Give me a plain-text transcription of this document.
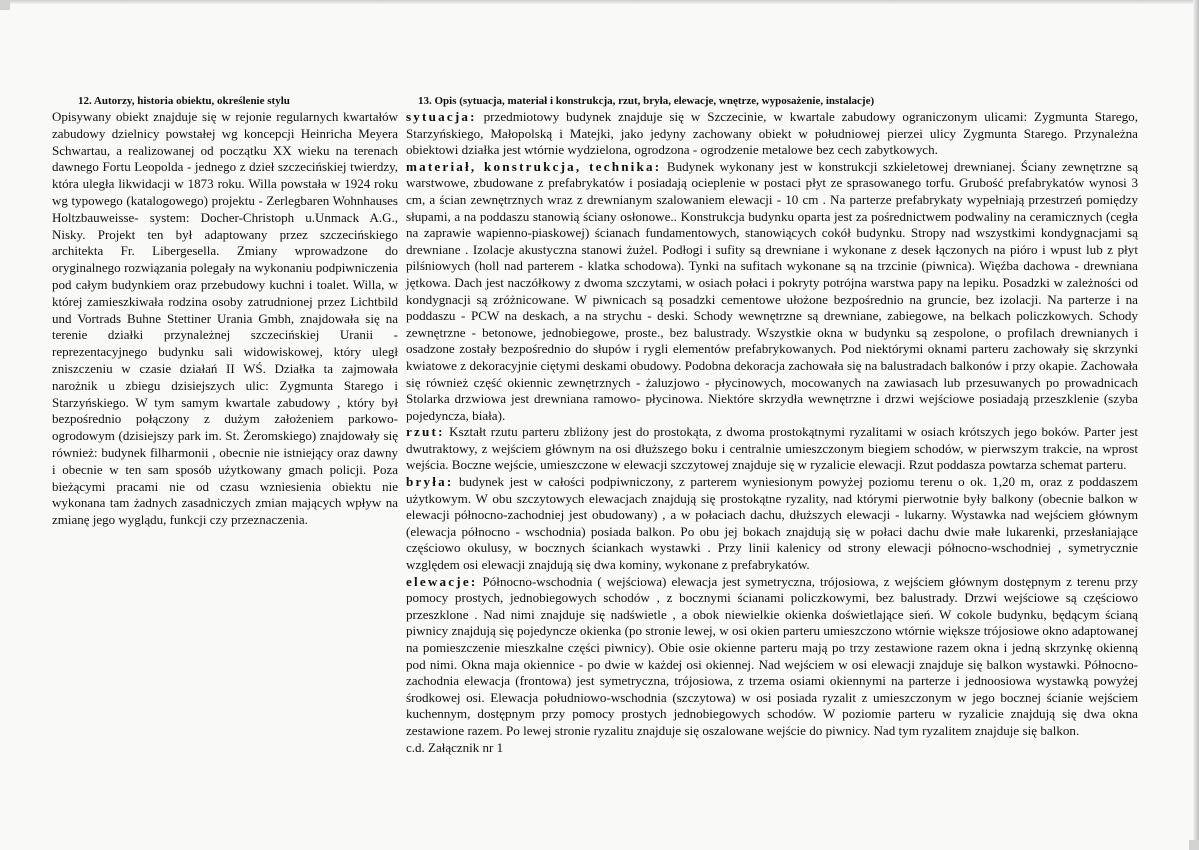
12. Autorzy, historia obiektu, określenie stylu

Opisywany obiekt znajduje się w rejonie regularnych kwartałów zabudowy dzielnicy powstałej wg koncepcji Heinricha Meyera Schwartau, a realizowanej od początku XX wieku na terenach dawnego Fortu Leopolda - jednego z dzieł szczecińskiej twierdzy, która uległa likwidacji w 1873 roku. Willa powstała w 1924 roku wg typowego (katalogowego) projektu - Zerlegbaren Wohnhauses Holtzbauweisse- system: Docher-Christoph u.Unmack A.G., Nisky. Projekt ten był adaptowany przez szczecińskiego architekta Fr. Libergesella. Zmiany wprowadzone do oryginalnego rozwiązania polegały na wykonaniu podpiwniczenia pod całym budynkiem oraz przebudowy kuchni i toalet. Willa, w której zamieszkiwała rodzina osoby zatrudnionej przez Lichtbild und Vortrads Buhne Stettiner Urania Gmbh, znajdowała się na terenie działki przynależnej szczecińskiej Uranii - reprezentacyjnego budynku sali widowiskowej, który uległ zniszczeniu w czasie działań II WŚ. Działka ta zajmowała narożnik u zbiegu dzisiejszych ulic: Zygmunta Starego i Starzyńskiego. W tym samym kwartale zabudowy , który był bezpośrednio połączony z dużym założeniem parkowo-ogrodowym (dzisiejszy park im. St. Żeromskiego) znajdowały się również: budynek filharmonii , obecnie nie istniejący oraz dawny i obecnie w ten sam sposób użytkowany gmach policji. Poza bieżącymi pracami nie od czasu wzniesienia obiektu nie wykonana tam żadnych zasadniczych zmian mających wpływ na zmianę jego wyglądu, funkcji czy przeznaczenia.

13. Opis (sytuacja, materiał i konstrukcja, rzut, bryła, elewacje, wnętrze, wyposażenie, instalacje)

sytuacja: przedmiotowy budynek znajduje się w Szczecinie, w kwartale zabudowy ograniczonym ulicami: Zygmunta Starego, Starzyńskiego, Małopolską i Matejki, jako jedyny zachowany obiekt w południowej pierzei ulicy Zygmunta Starego. Przynależna obiektowi działka jest wtórnie wydzielona, ogrodzona - ogrodzenie metalowe bez cech zabytkowych.

materiał, konstrukcja, technika: Budynek wykonany jest w konstrukcji szkieletowej drewnianej. Ściany zewnętrzne są warstwowe, zbudowane z prefabrykatów i posiadają ocieplenie w postaci płyt ze sprasowanego torfu. Grubość prefabrykatów wynosi 3 cm, a ścian zewnętrznych wraz z drewnianym szalowaniem elewacji - 10 cm . Na parterze prefabrykaty wypełniają przestrzeń pomiędzy słupami, a na poddaszu stanowią ściany osłonowe.. Konstrukcja budynku oparta jest za pośrednictwem podwaliny na ceramicznych (cegła na zaprawie wapienno-piaskowej) ścianach fundamentowych, stanowiących cokół budynku. Stropy nad wszystkimi kondygnacjami są drewniane . Izolacje akustyczna stanowi żużel. Podłogi i sufity są drewniane i wykonane z desek łączonych na pióro i wpust lub z płyt pilśniowych (holl nad parterem - klatka schodowa). Tynki na sufitach wykonane są na trzcinie (piwnica). Więźba dachowa - drewniana jętkowa. Dach jest naczółkowy z dwoma szczytami, w osiach połaci i pokryty potrójna warstwa papy na lepiku. Posadzki w zależności od kondygnacji są zróżnicowane. W piwnicach są posadzki cementowe ułożone bezpośrednio na gruncie, bez izolacji. Na parterze i na poddaszu - PCW na deskach, a na strychu - deski. Schody wewnętrzne są drewniane, zabiegowe, na belkach policzkowych. Schody zewnętrzne - betonowe, jednobiegowe, proste., bez balustrady. Wszystkie okna w budynku są zespolone, o profilach drewnianych i osadzone zostały bezpośrednio do słupów i rygli elementów prefabrykowanych. Pod niektórymi oknami parteru zachowały się skrzynki kwiatowe z dekoracyjnie ciętymi deskami obudowy. Podobna dekoracja zachowała się na balustradach balkonów i przy okapie. Zachowała się również część okiennic zewnętrznych - żaluzjowo - płycinowych, mocowanych na zawiasach lub przesuwanych po prowadnicach Stolarka drzwiowa jest drewniana ramowo- płycinowa. Niektóre skrzydła wewnętrzne i drzwi wejściowe posiadają przeszklenie (szyba pojedyncza, biała).

rzut: Kształt rzutu parteru zbliżony jest do prostokąta, z dwoma prostokątnymi ryzalitami w osiach krótszych jego boków. Parter jest dwutraktowy, z wejściem głównym na osi dłuższego boku i centralnie umieszczonym biegiem schodów, w pierwszym trakcie, na wprost wejścia. Boczne wejście, umieszczone w elewacji szczytowej znajduje się w ryzalicie elewacji. Rzut poddasza powtarza schemat parteru.

bryła: budynek jest w całości podpiwniczony, z parterem wyniesionym powyżej poziomu terenu o ok. 1,20 m, oraz z poddaszem użytkowym. W obu szczytowych elewacjach znajdują się prostokątne ryzality, nad którymi pierwotnie były balkony (obecnie balkon w elewacji północno-zachodniej jest obudowany) , a w połaciach dachu, dłuższych elewacji - lukarny. Wystawka nad wejściem głównym (elewacja północno - wschodnia) posiada balkon. Po obu jej bokach znajdują się w połaci dachu dwie małe lukarenki, przesłaniające częściowo okulusy, w bocznych ściankach wystawki . Przy linii kalenicy od strony elewacji północno-wschodniej , symetrycznie względem osi elewacji znajdują się dwa kominy, wykonane z prefabrykatów.

elewacje: Północno-wschodnia ( wejściowa) elewacja jest symetryczna, trójosiowa, z wejściem głównym dostępnym z terenu przy pomocy prostych, jednobiegowych schodów , z bocznymi ścianami policzkowymi, bez balustrady. Drzwi wejściowe są częściowo przeszklone . Nad nimi znajduje się nadświetle , a obok niewielkie okienka doświetlające sień. W cokole budynku, będącym ścianą piwnicy znajdują się pojedyncze okienka (po stronie lewej, w osi okien parteru umieszczono wtórnie większe trójosiowe okno adaptowanej na pomieszczenie mieszkalne części piwnicy). Obie osie okienne parteru mają po trzy zestawione razem okna i jedną skrzynkę okienną pod nimi. Okna maja okiennice - po dwie w każdej osi okiennej. Nad wejściem w osi elewacji znajduje się balkon wystawki. Północno-zachodnia elewacja (frontowa) jest symetryczna, trójosiowa, z trzema osiami okiennymi na parterze i jednoosiowa wystawką powyżej środkowej osi. Elewacja południowo-wschodnia (szczytowa) w osi posiada ryzalit z umieszczonym w jego bocznej ścianie wejściem kuchennym, dostępnym przy pomocy prostych jednobiegowych schodów. W poziomie parteru w ryzalicie znajdują się dwa okna zestawione razem. Po lewej stronie ryzalitu znajduje się oszalowane wejście do piwnicy. Nad tym ryzalitem znajduje się balkon.

c.d. Załącznik nr 1
